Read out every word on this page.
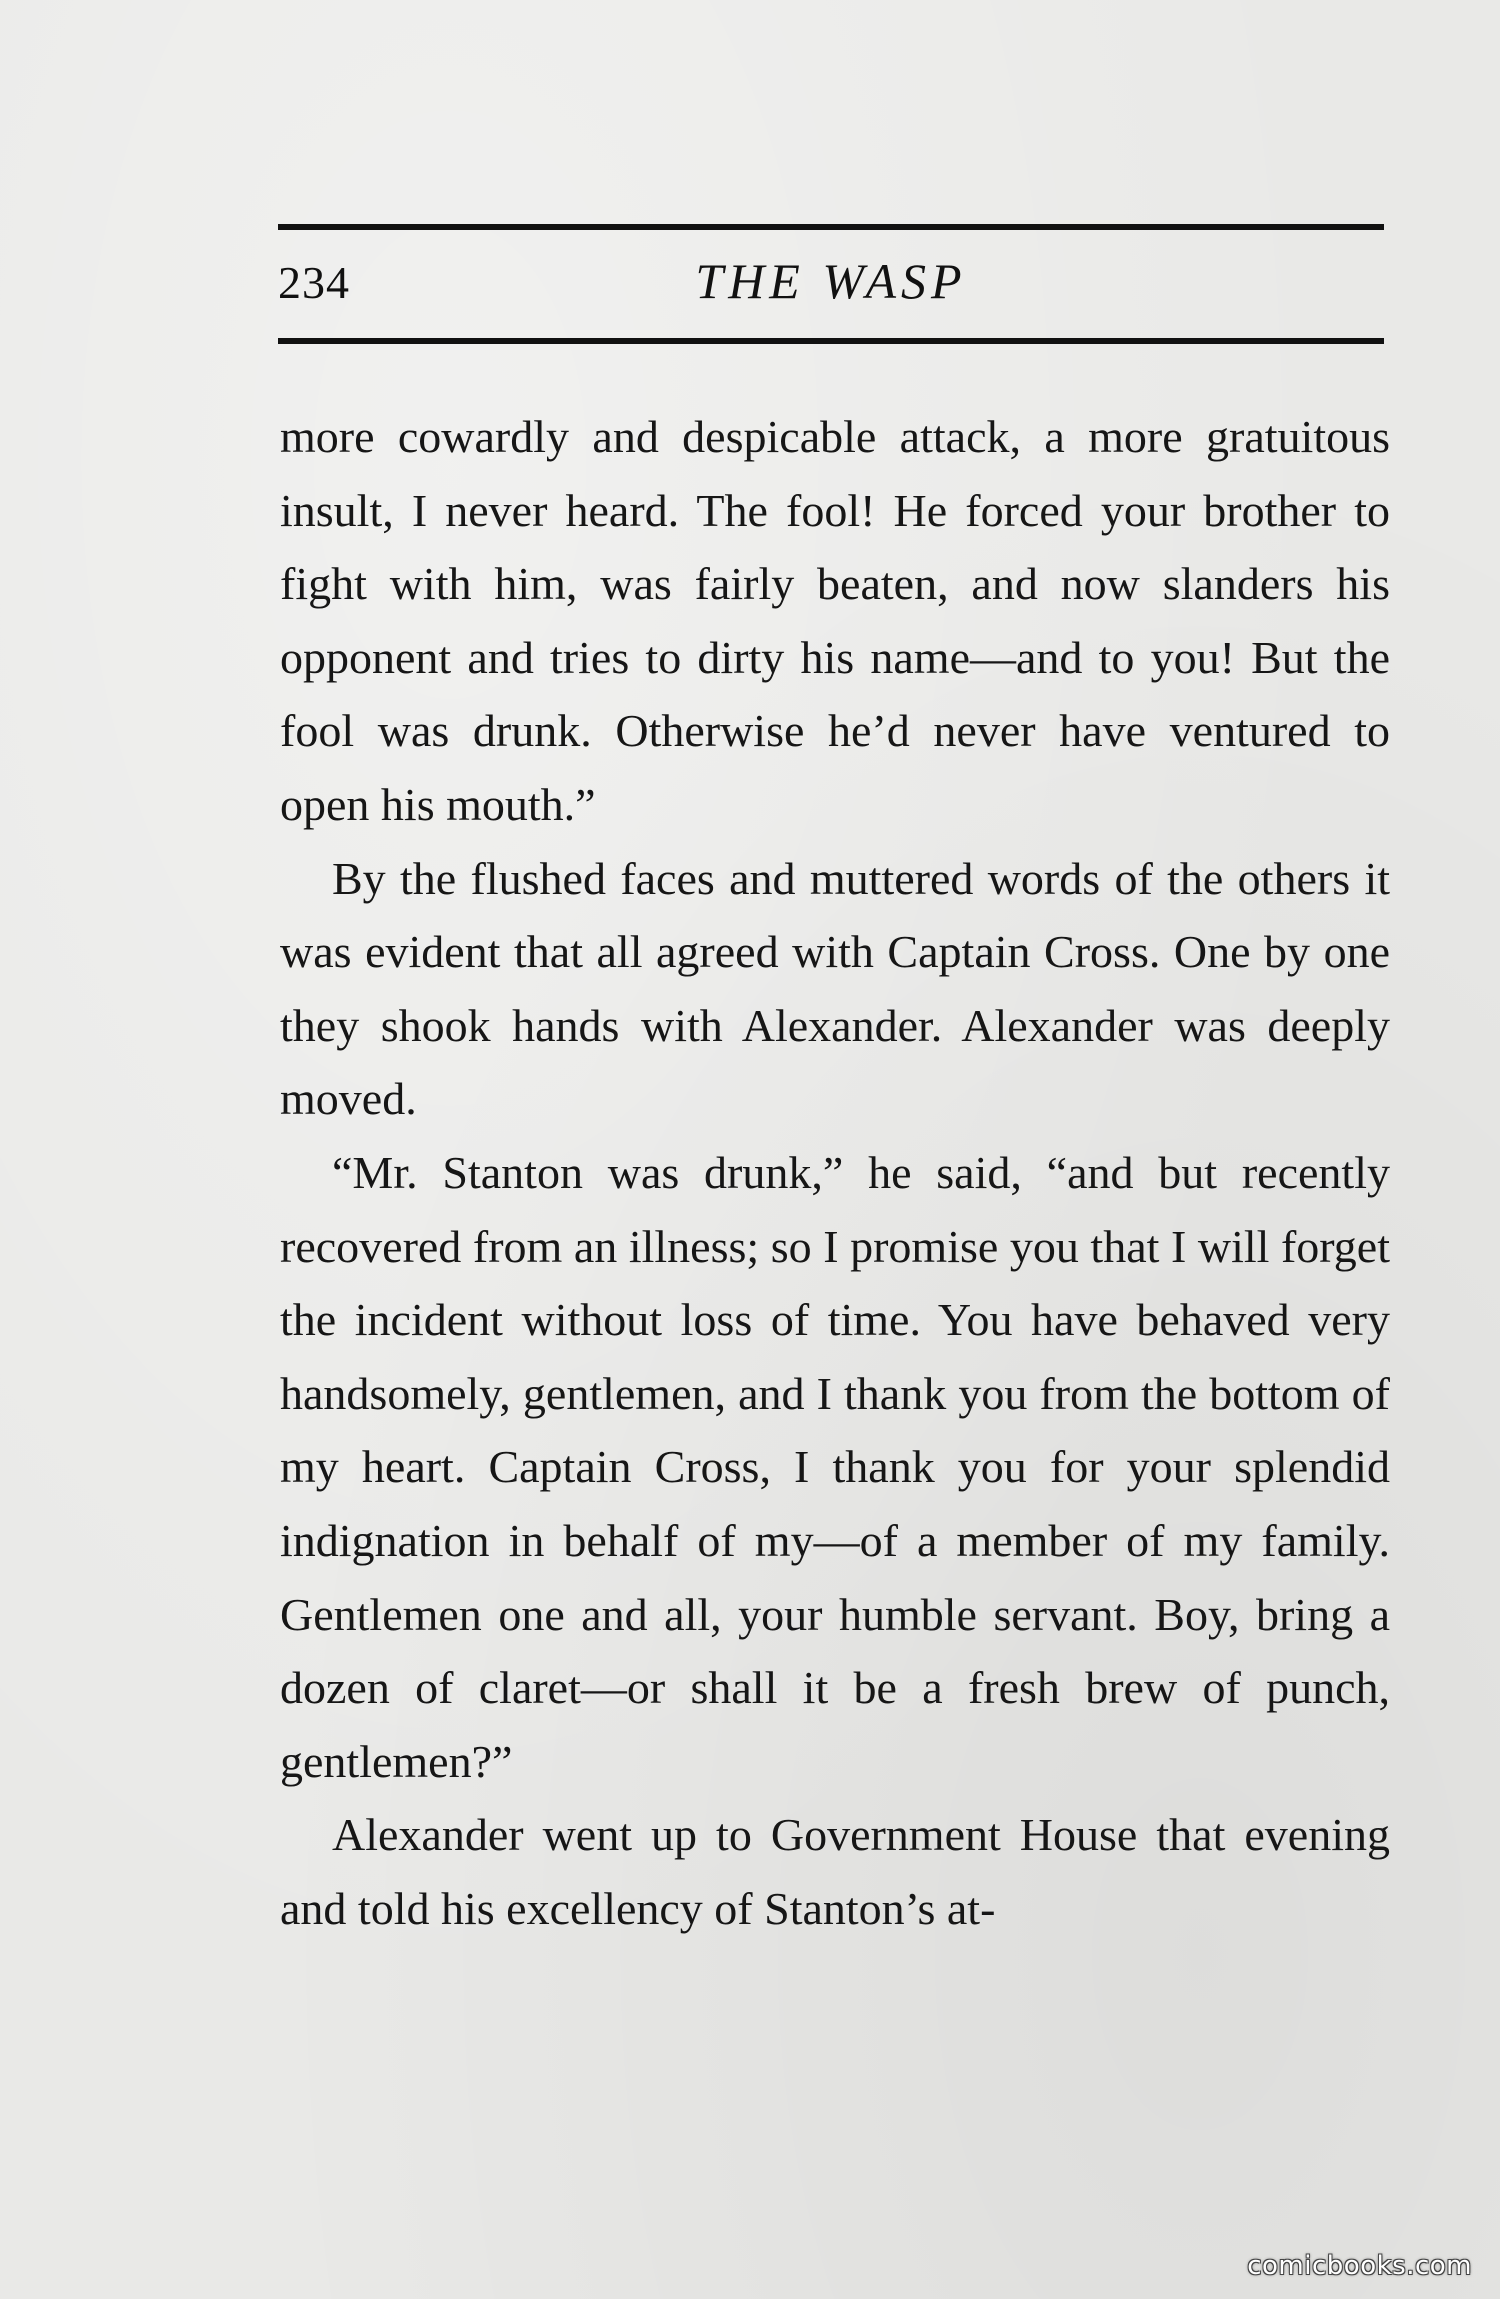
234	THE WASP

more cowardly and despicable attack, a more gratuitous insult, I never heard. The fool! He forced your brother to fight with him, was fairly beaten, and now slanders his opponent and tries to dirty his name—and to you! But the fool was drunk. Otherwise he’d never have ventured to open his mouth.”

By the flushed faces and muttered words of the others it was evident that all agreed with Captain Cross. One by one they shook hands with Alexander. Alexander was deeply moved.

“Mr. Stanton was drunk,” he said, “and but recently recovered from an illness; so I promise you that I will forget the incident without loss of time. You have behaved very handsomely, gentlemen, and I thank you from the bottom of my heart. Captain Cross, I thank you for your splendid indignation in behalf of my—of a member of my family. Gentlemen one and all, your humble servant. Boy, bring a dozen of claret—or shall it be a fresh brew of punch, gentlemen?”

Alexander went up to Government House that evening and told his excellency of Stanton’s at-

comicbooks.com
